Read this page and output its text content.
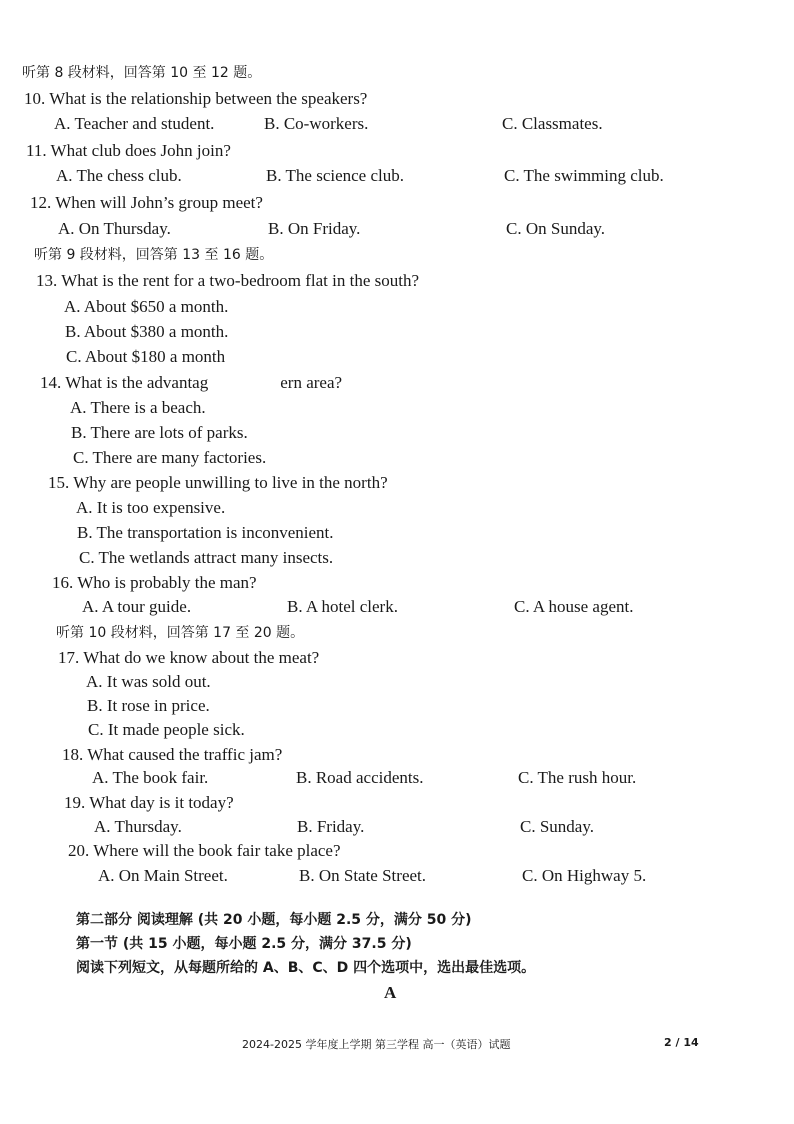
听第 8 段材料，回答第 10 至 12 题。
10. What is the relationship between the speakers?
A. Teacher and student.	B. Co-workers.	C. Classmates.
11. What club does John join?
A. The chess club.	B. The science club.	C. The swimming club.
12. When will John’s group meet?
A. On Thursday.	B. On Friday.	C. On Sunday.
听第 9 段材料，回答第 13 至 16 题。
13. What is the rent for a two-bedroom flat in the south?
A. About $650 a month.
B. About $380 a month.
C. About $180 a month
14. What is the advantag	ern area?
A. There is a beach.
B. There are lots of parks.
C. There are many factories.
15. Why are people unwilling to live in the north?
A. It is too expensive.
B. The transportation is inconvenient.
C. The wetlands attract many insects.
16. Who is probably the man?
A. A tour guide.	B. A hotel clerk.	C. A house agent.
听第 10 段材料，回答第 17 至 20 题。
17. What do we know about the meat?
A. It was sold out.
B. It rose in price.
C. It made people sick.
18. What caused the traffic jam?
A. The book fair.	B. Road accidents.	C. The rush hour.
19. What day is it today?
A. Thursday.	B. Friday.	C. Sunday.
20. Where will the book fair take place?
A. On Main Street.	B. On State Street.	C. On Highway 5.
第二部分 阅读理解 (共 20 小题，每小题 2.5 分，满分 50 分)
第一节 (共 15 小题，每小题 2.5 分，满分 37.5 分)
阅读下列短文，从每题所给的 A、B、C、D 四个选项中，选出最佳选项。
A
2024-2025 学年度上学期 第三学程 高一（英语）试题	2 / 14
